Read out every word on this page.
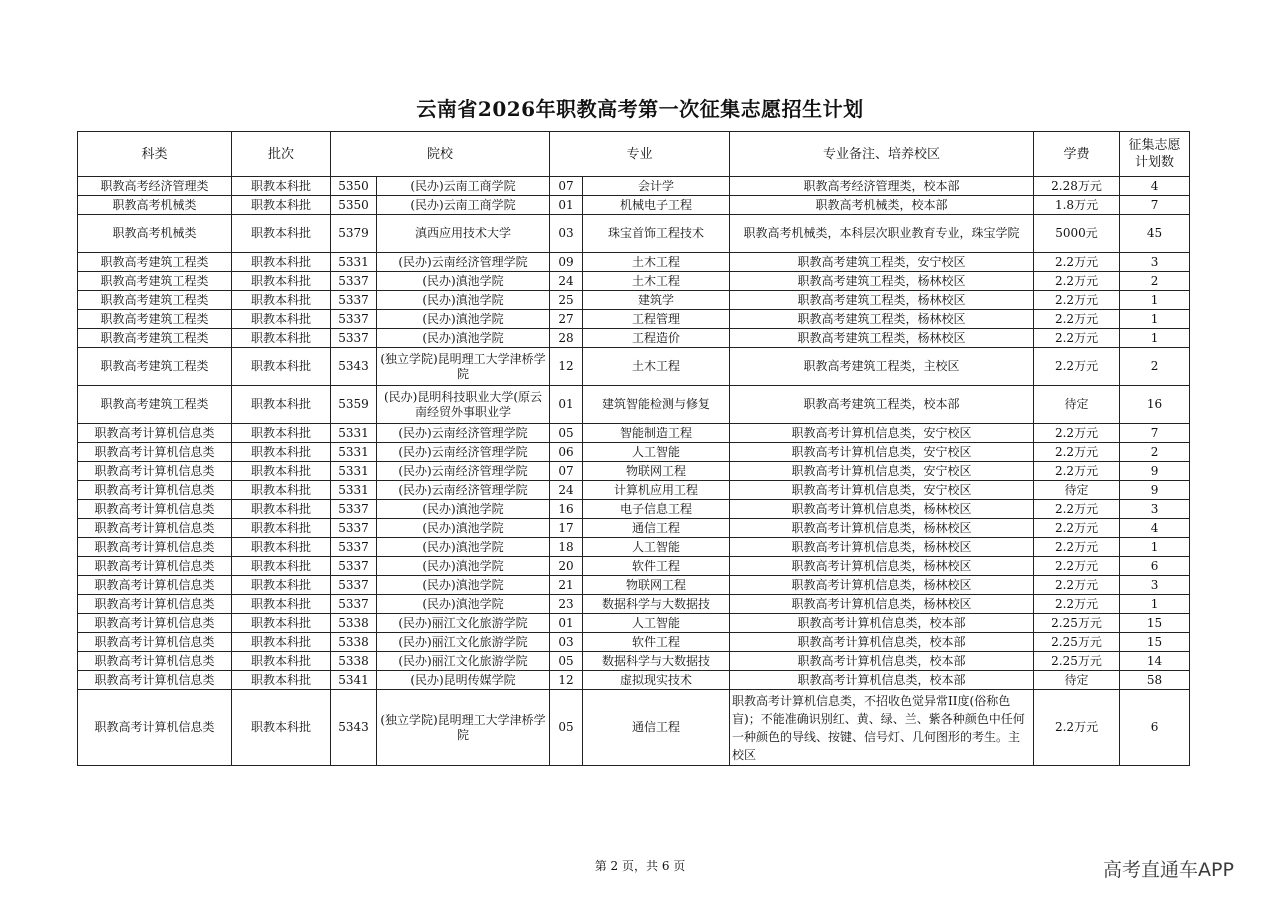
云南省2026年职教高考第一次征集志愿招生计划
科类	批次	院校		专业		专业备注、培养校区	学费	征集志愿
计划数
职教高考经济管理类	职教本科批	5350	(民办)云南工商学院	07	会计学	职教高考经济管理类，校本部	2.28万元	4
职教高考机械类	职教本科批	5350	(民办)云南工商学院	01	机械电子工程	职教高考机械类，校本部	1.8万元	7
职教高考机械类	职教本科批	5379	滇西应用技术大学	03	珠宝首饰工程技术	职教高考机械类，本科层次职业教育专业，珠宝学院	5000元	45
职教高考建筑工程类	职教本科批	5331	(民办)云南经济管理学院	09	土木工程	职教高考建筑工程类，安宁校区	2.2万元	3
职教高考建筑工程类	职教本科批	5337	(民办)滇池学院	24	土木工程	职教高考建筑工程类，杨林校区	2.2万元	2
职教高考建筑工程类	职教本科批	5337	(民办)滇池学院	25	建筑学	职教高考建筑工程类，杨林校区	2.2万元	1
职教高考建筑工程类	职教本科批	5337	(民办)滇池学院	27	工程管理	职教高考建筑工程类，杨林校区	2.2万元	1
职教高考建筑工程类	职教本科批	5337	(民办)滇池学院	28	工程造价	职教高考建筑工程类，杨林校区	2.2万元	1
职教高考建筑工程类	职教本科批	5343	(独立学院)昆明理工大学津桥学院	12	土木工程	职教高考建筑工程类，主校区	2.2万元	2
职教高考建筑工程类	职教本科批	5359	(民办)昆明科技职业大学(原云南经贸外事职业学	01	建筑智能检测与修复	职教高考建筑工程类，校本部	待定	16
职教高考计算机信息类	职教本科批	5331	(民办)云南经济管理学院	05	智能制造工程	职教高考计算机信息类，安宁校区	2.2万元	7
职教高考计算机信息类	职教本科批	5331	(民办)云南经济管理学院	06	人工智能	职教高考计算机信息类，安宁校区	2.2万元	2
职教高考计算机信息类	职教本科批	5331	(民办)云南经济管理学院	07	物联网工程	职教高考计算机信息类，安宁校区	2.2万元	9
职教高考计算机信息类	职教本科批	5331	(民办)云南经济管理学院	24	计算机应用工程	职教高考计算机信息类，安宁校区	待定	9
职教高考计算机信息类	职教本科批	5337	(民办)滇池学院	16	电子信息工程	职教高考计算机信息类，杨林校区	2.2万元	3
职教高考计算机信息类	职教本科批	5337	(民办)滇池学院	17	通信工程	职教高考计算机信息类，杨林校区	2.2万元	4
职教高考计算机信息类	职教本科批	5337	(民办)滇池学院	18	人工智能	职教高考计算机信息类，杨林校区	2.2万元	1
职教高考计算机信息类	职教本科批	5337	(民办)滇池学院	20	软件工程	职教高考计算机信息类，杨林校区	2.2万元	6
职教高考计算机信息类	职教本科批	5337	(民办)滇池学院	21	物联网工程	职教高考计算机信息类，杨林校区	2.2万元	3
职教高考计算机信息类	职教本科批	5337	(民办)滇池学院	23	数据科学与大数据技	职教高考计算机信息类，杨林校区	2.2万元	1
职教高考计算机信息类	职教本科批	5338	(民办)丽江文化旅游学院	01	人工智能	职教高考计算机信息类，校本部	2.25万元	15
职教高考计算机信息类	职教本科批	5338	(民办)丽江文化旅游学院	03	软件工程	职教高考计算机信息类，校本部	2.25万元	15
职教高考计算机信息类	职教本科批	5338	(民办)丽江文化旅游学院	05	数据科学与大数据技	职教高考计算机信息类，校本部	2.25万元	14
职教高考计算机信息类	职教本科批	5341	(民办)昆明传媒学院	12	虚拟现实技术	职教高考计算机信息类，校本部	待定	58
职教高考计算机信息类	职教本科批	5343	(独立学院)昆明理工大学津桥学院	05	通信工程	职教高考计算机信息类，不招收色觉异常II度(俗称色盲)；不能准确识别红、黄、绿、兰、紫各种颜色中任何一种颜色的导线、按键、信号灯、几何图形的考生。主校区	2.2万元	6
第 2 页，共 6 页	高考直通车APP
